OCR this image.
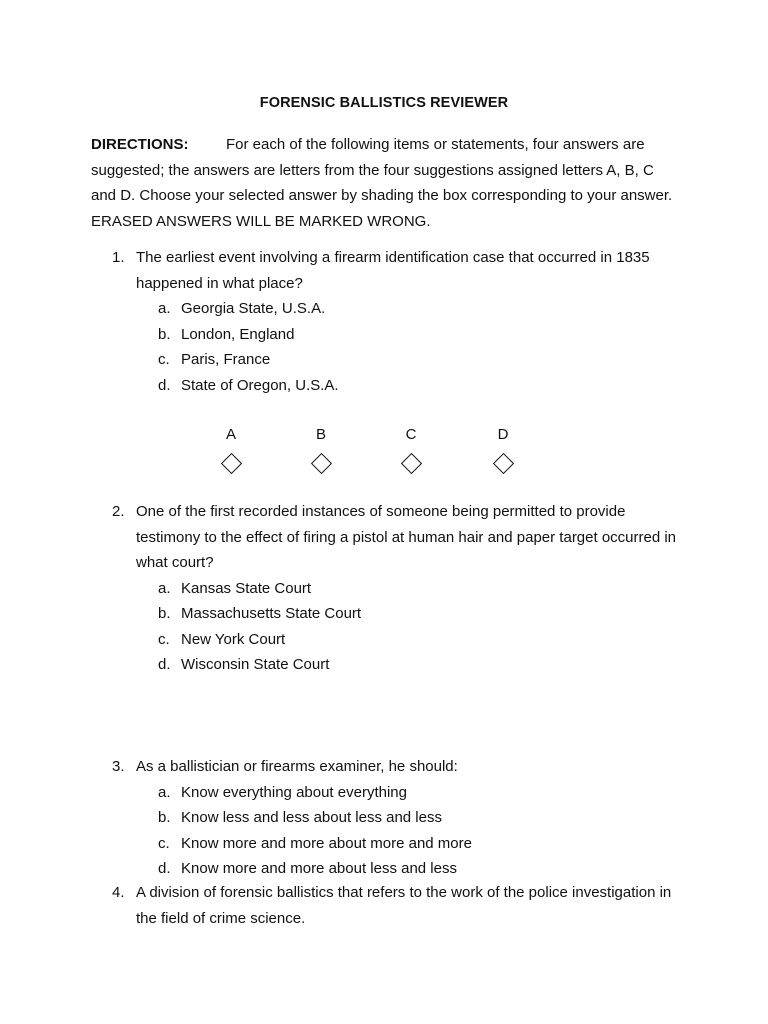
FORENSIC BALLISTICS REVIEWER
DIRECTIONS:	For each of the following items or statements, four answers are suggested; the answers are letters from the four suggestions assigned letters A, B, C and D. Choose your selected answer by shading the box corresponding to your answer. ERASED ANSWERS WILL BE MARKED WRONG.
1. The earliest event involving a firearm identification case that occurred in 1835 happened in what place?
a. Georgia State, U.S.A.
b. London, England
c. Paris, France
d. State of Oregon, U.S.A.
A	B	C	D
2. One of the first recorded instances of someone being permitted to provide testimony to the effect of firing a pistol at human hair and paper target occurred in what court?
a. Kansas State Court
b. Massachusetts State Court
c. New York Court
d. Wisconsin State Court
3. As a ballistician or firearms examiner, he should:
a. Know everything about everything
b. Know less and less about less and less
c. Know more and more about more and more
d. Know more and more about less and less
4. A division of forensic ballistics that refers to the work of the police investigation in the field of crime science.
